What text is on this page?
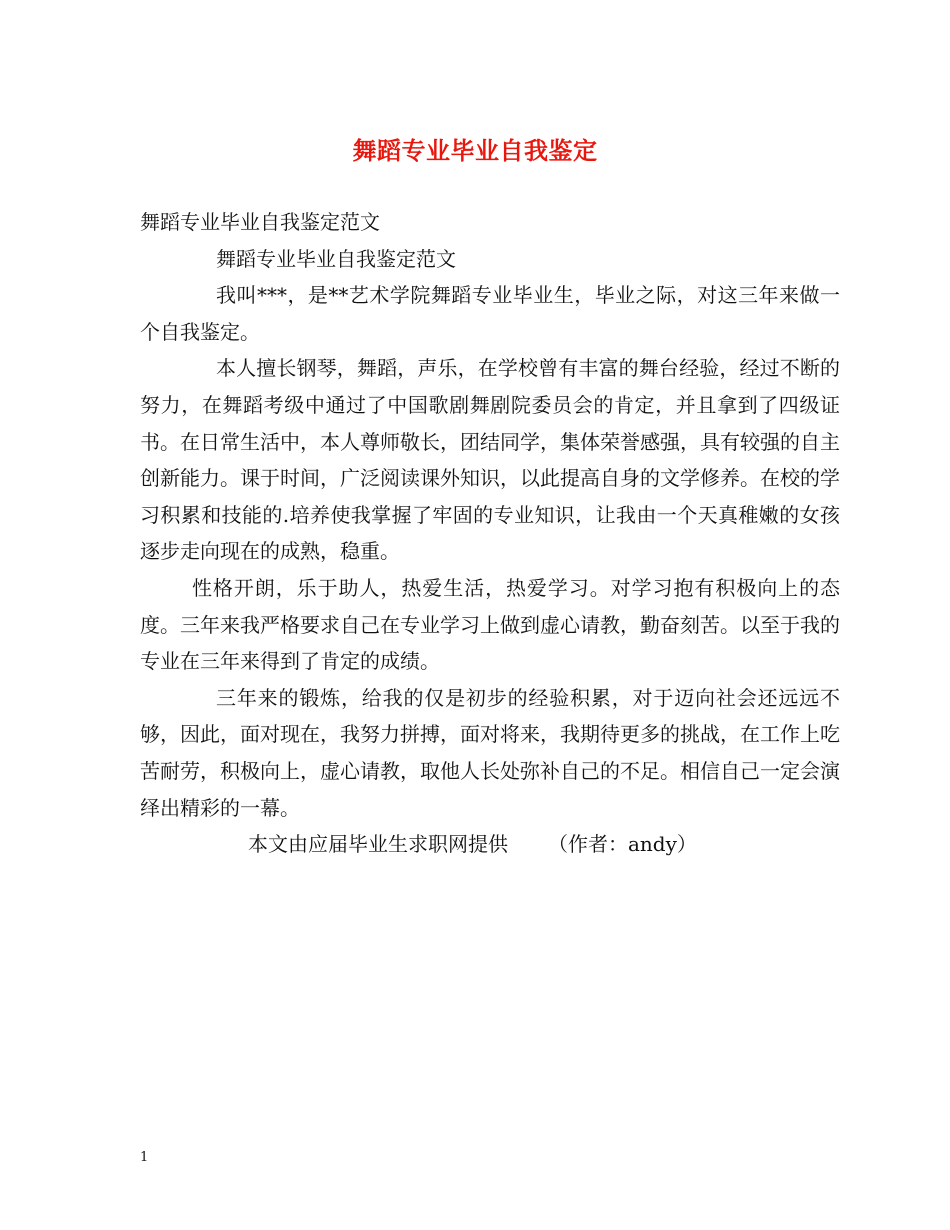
舞蹈专业毕业自我鉴定

舞蹈专业毕业自我鉴定范文

舞蹈专业毕业自我鉴定范文

我叫***，是**艺术学院舞蹈专业毕业生，毕业之际，对这三年来做一个自我鉴定。

本人擅长钢琴，舞蹈，声乐，在学校曾有丰富的舞台经验，经过不断的努力，在舞蹈考级中通过了中国歌剧舞剧院委员会的肯定，并且拿到了四级证书。在日常生活中，本人尊师敬长，团结同学，集体荣誉感强，具有较强的自主创新能力。课于时间，广泛阅读课外知识，以此提高自身的文学修养。在校的学习积累和技能的.培养使我掌握了牢固的专业知识，让我由一个天真稚嫩的女孩逐步走向现在的成熟，稳重。

性格开朗，乐于助人，热爱生活，热爱学习。对学习抱有积极向上的态度。三年来我严格要求自己在专业学习上做到虚心请教，勤奋刻苦。以至于我的专业在三年来得到了肯定的成绩。

三年来的锻炼，给我的仅是初步的经验积累，对于迈向社会还远远不够，因此，面对现在，我努力拼搏，面对将来，我期待更多的挑战，在工作上吃苦耐劳，积极向上，虚心请教，取他人长处弥补自己的不足。相信自己一定会演绎出精彩的一幕。

本文由应届毕业生求职网提供 （作者：andy）

1
